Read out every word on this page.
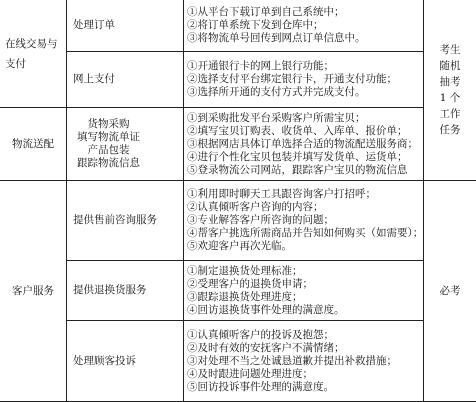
在线交易与支付
物流送配
客户服务
处理订单
①从平台下载订单到自己系统中；
②将订单系统下发到仓库中；
③将物流单号回传到网点订单信息中。
网上支付
①开通银行卡的网上银行功能；
②选择支付平台绑定银行卡，开通支付功能；
③选择所开通的支付方式并完成支付。
货物采购
填写物流单证
产品包装
跟踪物流信息
①到采购批发平台采购客户所需宝贝；
②填写宝贝订购表、收货单、入库单、报价单；
③根据网店具体订单选择合适的物流配送服务商；
④进行个性化宝贝包装并填写发货单、运货单；
⑤登录物流公司网站，跟踪客户宝贝的物流信息
提供售前咨询服务
①利用即时聊天工具跟咨询客户打招呼；
②认真倾听客户咨询的内容；
③专业解答客户所咨询的问题；
④帮客户挑选所需商品并告知如何购买（如需要）；
⑤欢迎客户再次光临。
提供退换货服务
①制定退换货处理标准；
②受理客户的退换货申请；
③跟踪退换货处理进度；
④回访退换货事件处理的满意度。
处理顾客投诉
①认真倾听客户的投诉及抱怨；
②及时有效的安抚客户不满情绪；
③对处理不当之处诚恳道歉并提出补救措施；
④及时跟进问题处理进度；
⑤回访投诉事件处理的满意度。
考生
随机
抽考
1 个
工作
任务
必考
